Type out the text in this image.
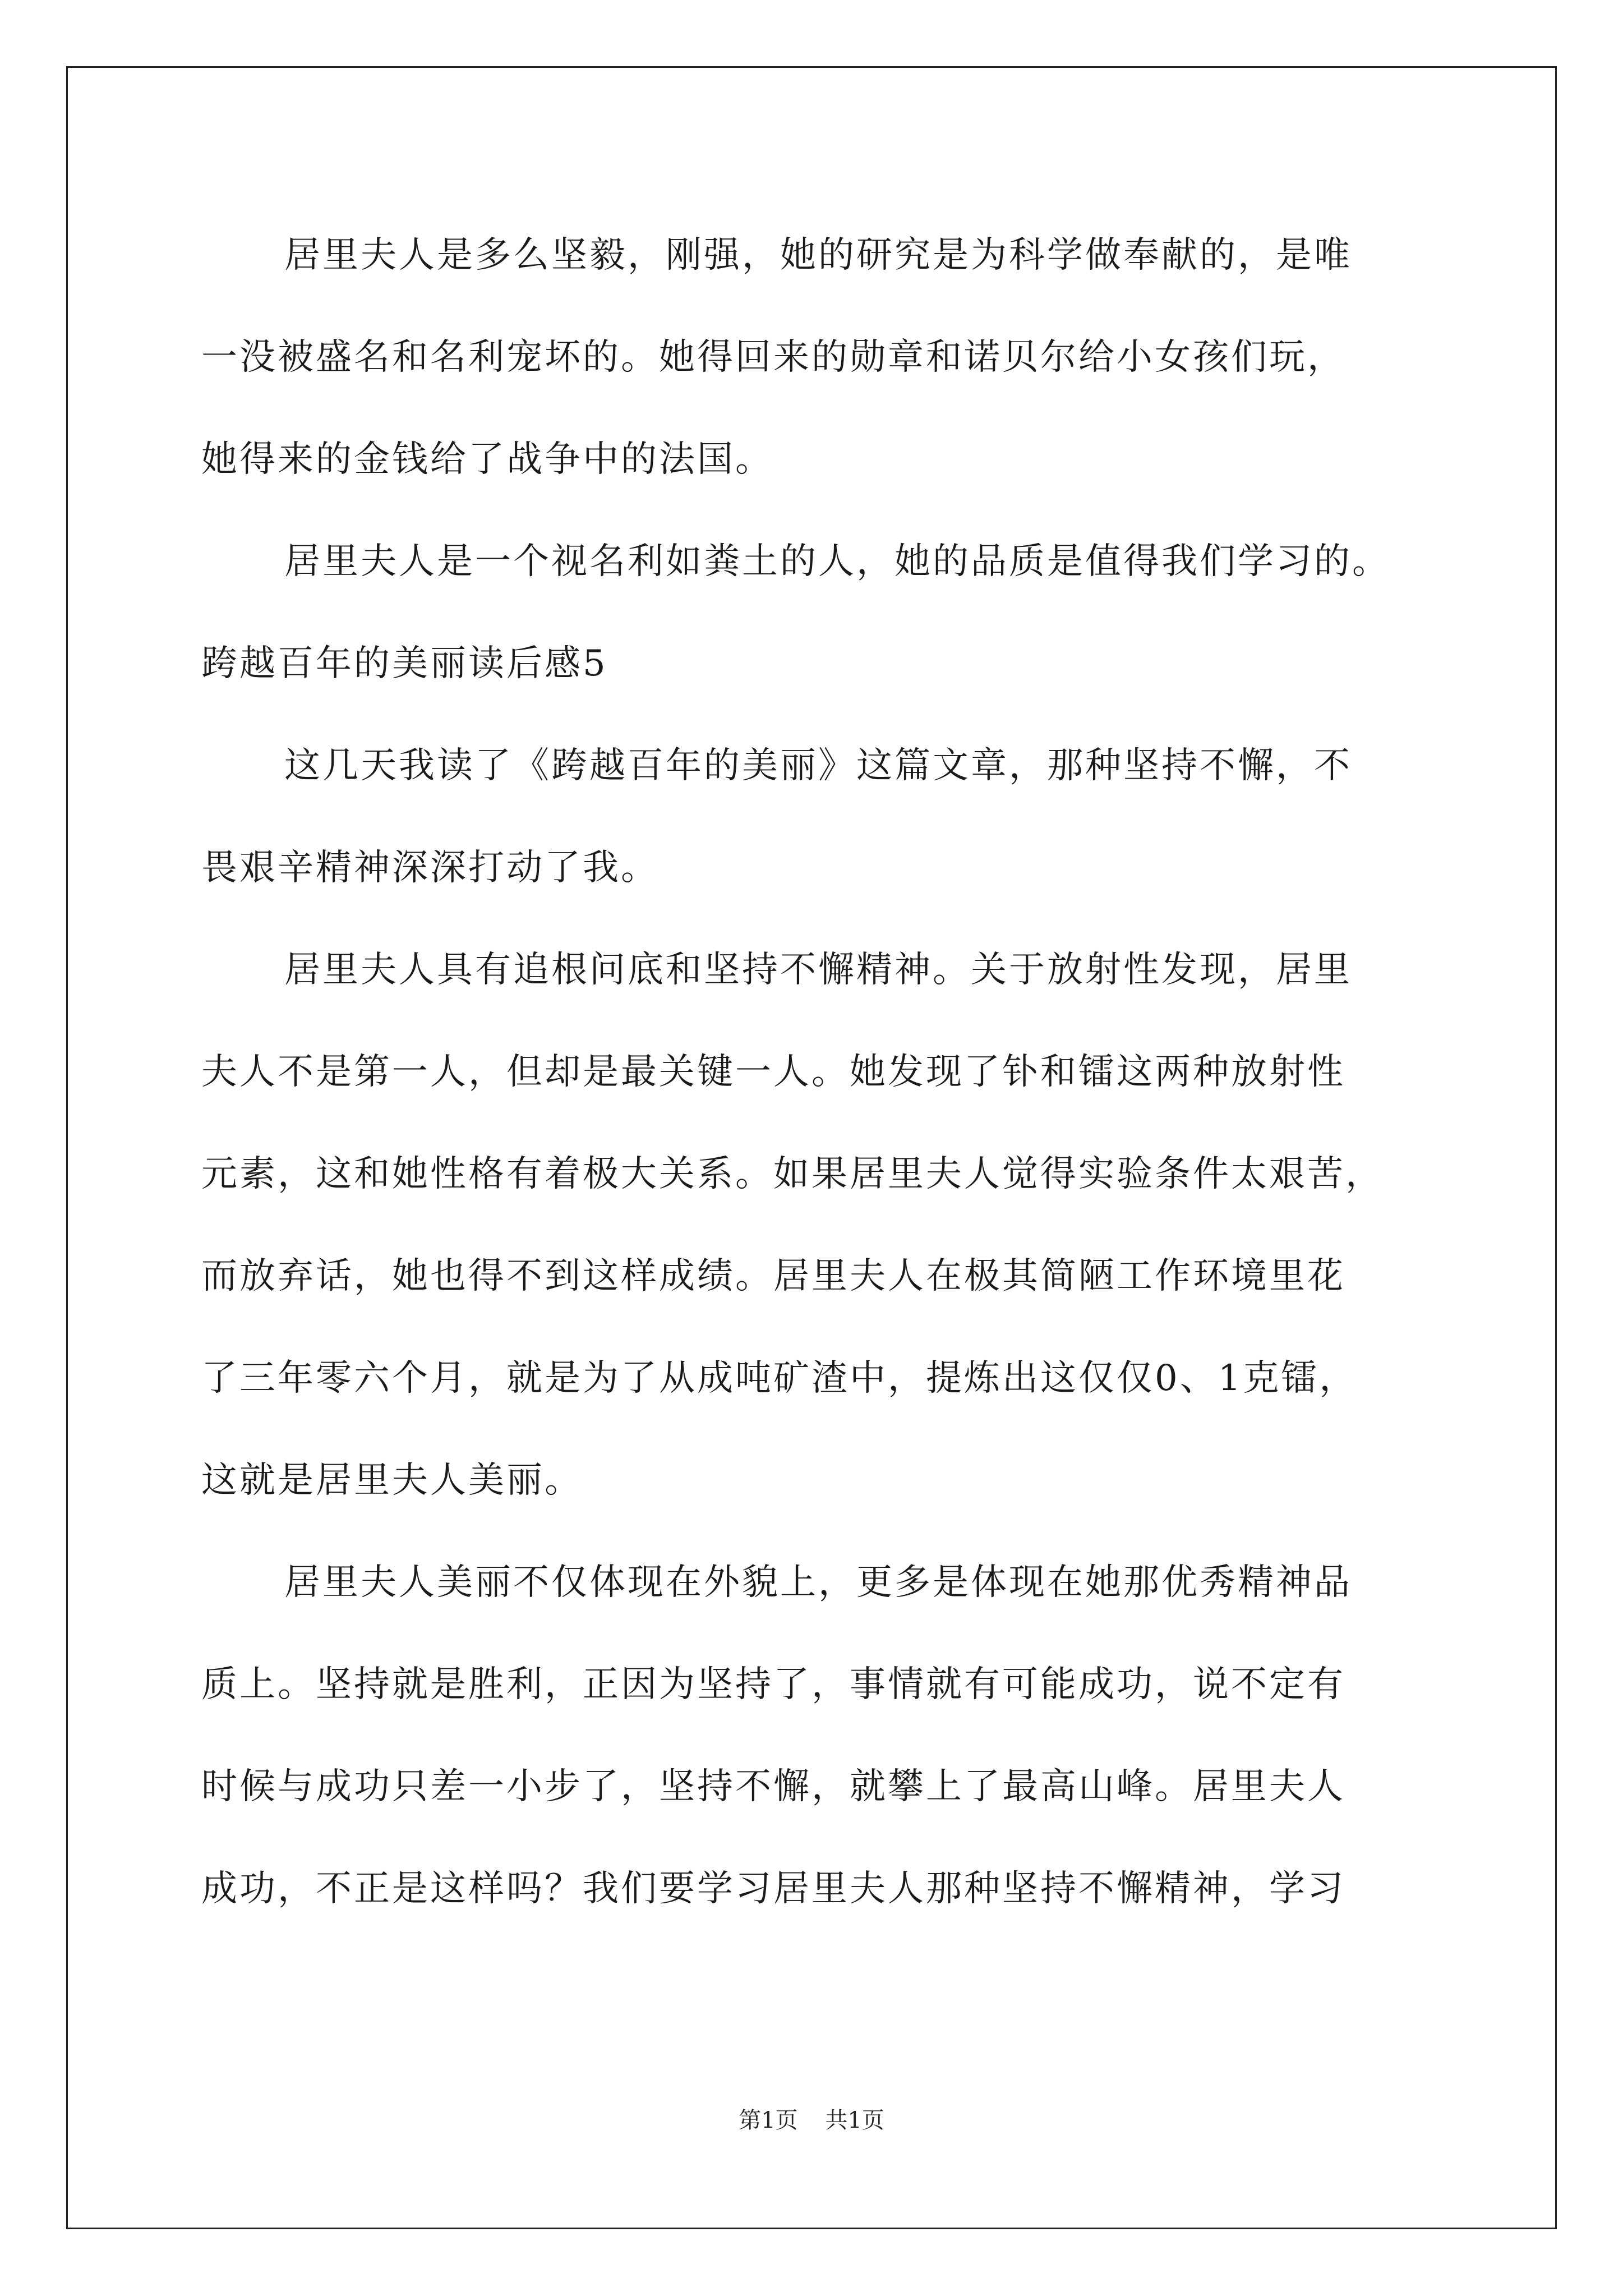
居里夫人是多么坚毅，刚强，她的研究是为科学做奉献的，是唯
一没被盛名和名利宠坏的。她得回来的勋章和诺贝尔给小女孩们玩，
她得来的金钱给了战争中的法国。
居里夫人是一个视名利如粪土的人，她的品质是值得我们学习的。
跨越百年的美丽读后感5
这几天我读了《跨越百年的美丽》这篇文章，那种坚持不懈，不
畏艰辛精神深深打动了我。
居里夫人具有追根问底和坚持不懈精神。关于放射性发现，居里
夫人不是第一人，但却是最关键一人。她发现了钋和镭这两种放射性
元素，这和她性格有着极大关系。如果居里夫人觉得实验条件太艰苦，
而放弃话，她也得不到这样成绩。居里夫人在极其简陋工作环境里花
了三年零六个月，就是为了从成吨矿渣中，提炼出这仅仅0、1克镭，
这就是居里夫人美丽。
居里夫人美丽不仅体现在外貌上，更多是体现在她那优秀精神品
质上。坚持就是胜利，正因为坚持了，事情就有可能成功，说不定有
时候与成功只差一小步了，坚持不懈，就攀上了最高山峰。居里夫人
成功，不正是这样吗？我们要学习居里夫人那种坚持不懈精神，学习
第1页 共1页
